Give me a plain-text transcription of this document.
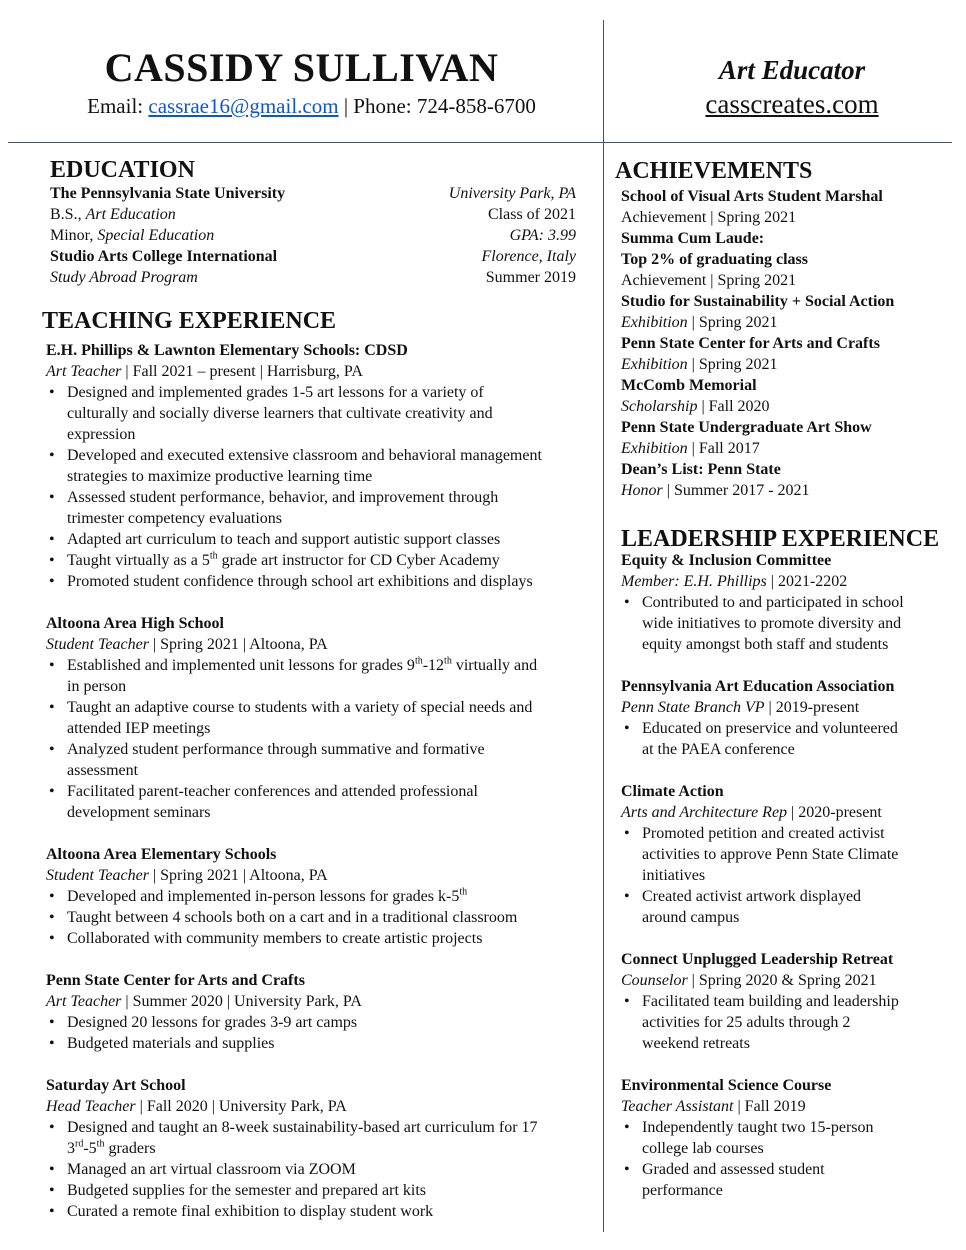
CASSIDY SULLIVAN
Email: cassrae16@gmail.com | Phone: 724-858-6700
Art Educator
casscreates.com
EDUCATION
The Pennsylvania State University	University Park, PA
B.S., Art Education	Class of 2021
Minor, Special Education	GPA: 3.99
Studio Arts College International	Florence, Italy
Study Abroad Program	Summer 2019
TEACHING EXPERIENCE
E.H. Phillips & Lawnton Elementary Schools: CDSD
Art Teacher | Fall 2021 – present | Harrisburg, PA
• Designed and implemented grades 1-5 art lessons for a variety of
culturally and socially diverse learners that cultivate creativity and
expression
• Developed and executed extensive classroom and behavioral management
strategies to maximize productive learning time
• Assessed student performance, behavior, and improvement through
trimester competency evaluations
• Adapted art curriculum to teach and support autistic support classes
• Taught virtually as a 5th grade art instructor for CD Cyber Academy
• Promoted student confidence through school art exhibitions and displays
Altoona Area High School
Student Teacher | Spring 2021 | Altoona, PA
• Established and implemented unit lessons for grades 9th-12th virtually and
in person
• Taught an adaptive course to students with a variety of special needs and
attended IEP meetings
• Analyzed student performance through summative and formative
assessment
• Facilitated parent-teacher conferences and attended professional
development seminars
Altoona Area Elementary Schools
Student Teacher | Spring 2021 | Altoona, PA
• Developed and implemented in-person lessons for grades k-5th
• Taught between 4 schools both on a cart and in a traditional classroom
• Collaborated with community members to create artistic projects
Penn State Center for Arts and Crafts
Art Teacher | Summer 2020 | University Park, PA
• Designed 20 lessons for grades 3-9 art camps
• Budgeted materials and supplies
Saturday Art School
Head Teacher | Fall 2020 | University Park, PA
• Designed and taught an 8-week sustainability-based art curriculum for 17
3rd-5th graders
• Managed an art virtual classroom via ZOOM
• Budgeted supplies for the semester and prepared art kits
• Curated a remote final exhibition to display student work
ACHIEVEMENTS
School of Visual Arts Student Marshal
Achievement | Spring 2021
Summa Cum Laude:
Top 2% of graduating class
Achievement | Spring 2021
Studio for Sustainability + Social Action
Exhibition | Spring 2021
Penn State Center for Arts and Crafts
Exhibition | Spring 2021
McComb Memorial
Scholarship | Fall 2020
Penn State Undergraduate Art Show
Exhibition | Fall 2017
Dean’s List: Penn State
Honor | Summer 2017 - 2021
LEADERSHIP EXPERIENCE
Equity & Inclusion Committee
Member: E.H. Phillips | 2021-2202
• Contributed to and participated in school
wide initiatives to promote diversity and
equity amongst both staff and students
Pennsylvania Art Education Association
Penn State Branch VP | 2019-present
• Educated on preservice and volunteered
at the PAEA conference
Climate Action
Arts and Architecture Rep | 2020-present
• Promoted petition and created activist
activities to approve Penn State Climate
initiatives
• Created activist artwork displayed
around campus
Connect Unplugged Leadership Retreat
Counselor | Spring 2020 & Spring 2021
• Facilitated team building and leadership
activities for 25 adults through 2
weekend retreats
Environmental Science Course
Teacher Assistant | Fall 2019
• Independently taught two 15-person
college lab courses
• Graded and assessed student
performance
